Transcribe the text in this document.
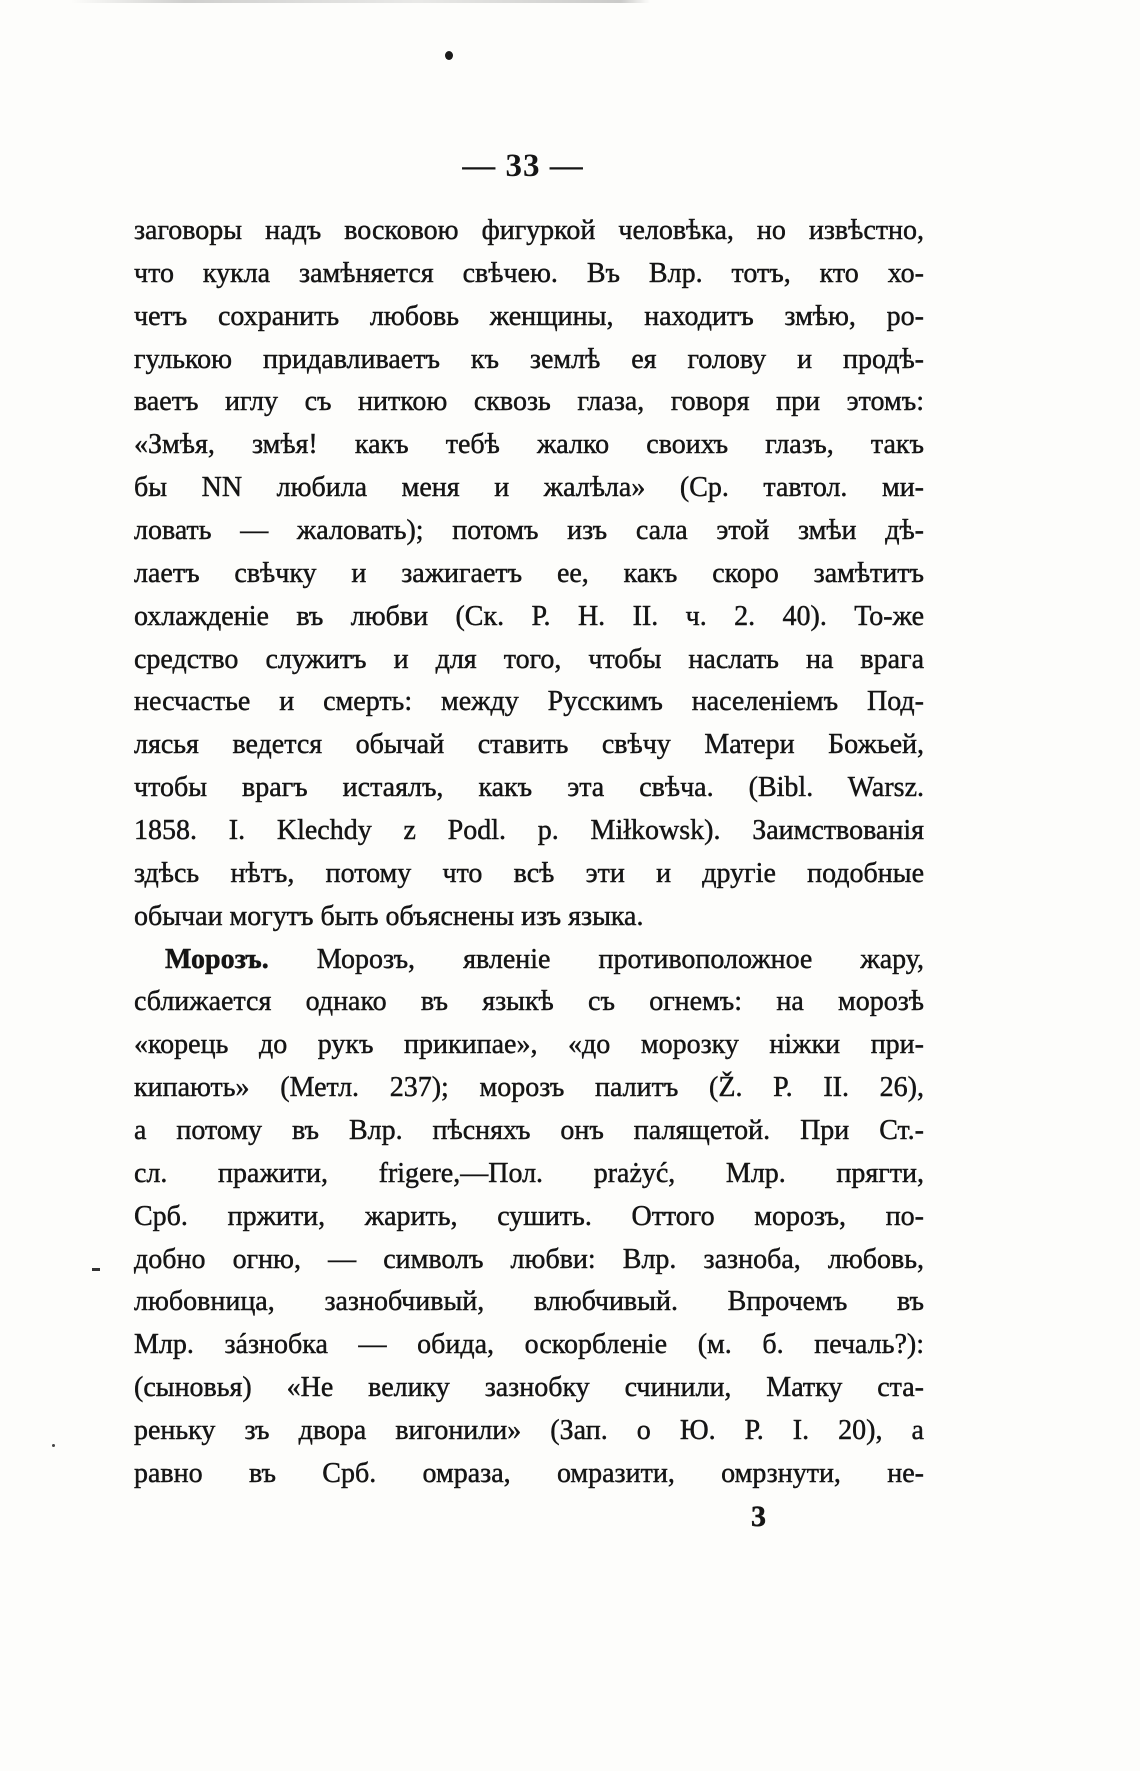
— 33 —
заговоры надъ восковою фигуркой человѣка, но извѣстно,
что кукла замѣняется свѣчею. Въ Влр. тотъ, кто хо-
четъ сохранить любовь женщины, находитъ змѣю, ро-
гулькою придавливаетъ къ землѣ ея голову и продѣ-
ваетъ иглу съ ниткою сквозь глаза, говоря при этомъ:
«Змѣя, змѣя! какъ тебѣ жалко своихъ глазъ, такъ
бы NN любила меня и жалѣла» (Ср. тавтол. ми-
ловать — жаловать); потомъ изъ сала этой змѣи дѣ-
лаетъ свѣчку и зажигаетъ ее, какъ скоро замѣтитъ
охлажденіе въ любви (Ск. Р. Н. II. ч. 2. 40). То-же
средство служитъ и для того, чтобы наслать на врага
несчастье и смерть: между Русскимъ населеніемъ Под-
лясья ведется обычай ставить свѣчу Матери Божьей,
чтобы врагъ истаялъ, какъ эта свѣча. (Bibl. Warsz.
1858. I. Klechdy z Podl. p. Miłkowsk). Заимствованія
здѣсь нѣтъ, потому что всѣ эти и другіе подобные
обычаи могутъ быть объяснены изъ языка.
Морозъ. Морозъ, явленіе противоположное жару,
сближается однако въ языкѣ съ огнемъ: на морозѣ
«корець до рукъ прикипае», «до морозку ніжки при-
кипають» (Метл. 237); морозъ палитъ (Ž. P. II. 26),
а потому въ Влр. пѣсняхъ онъ палящетой. При Ст.-
сл. пражити, frigere,—Пол. prażyć, Млр. прягти,
Срб. пржити, жарить, сушить. Оттого морозъ, по-
добно огню, — символъ любви: Влр. зазноба, любовь,
любовница, зазнобчивый, влюбчивый. Впрочемъ въ
Млр. зáзнобка — обида, оскорбленіе (м. б. печаль?):
(сыновья) «Не велику зазнобку счинили, Матку ста-
реньку зъ двора вигонили» (Зап. о Ю. Р. I. 20), а
равно въ Срб. омраза, омразити, омрзнути, не-
3
